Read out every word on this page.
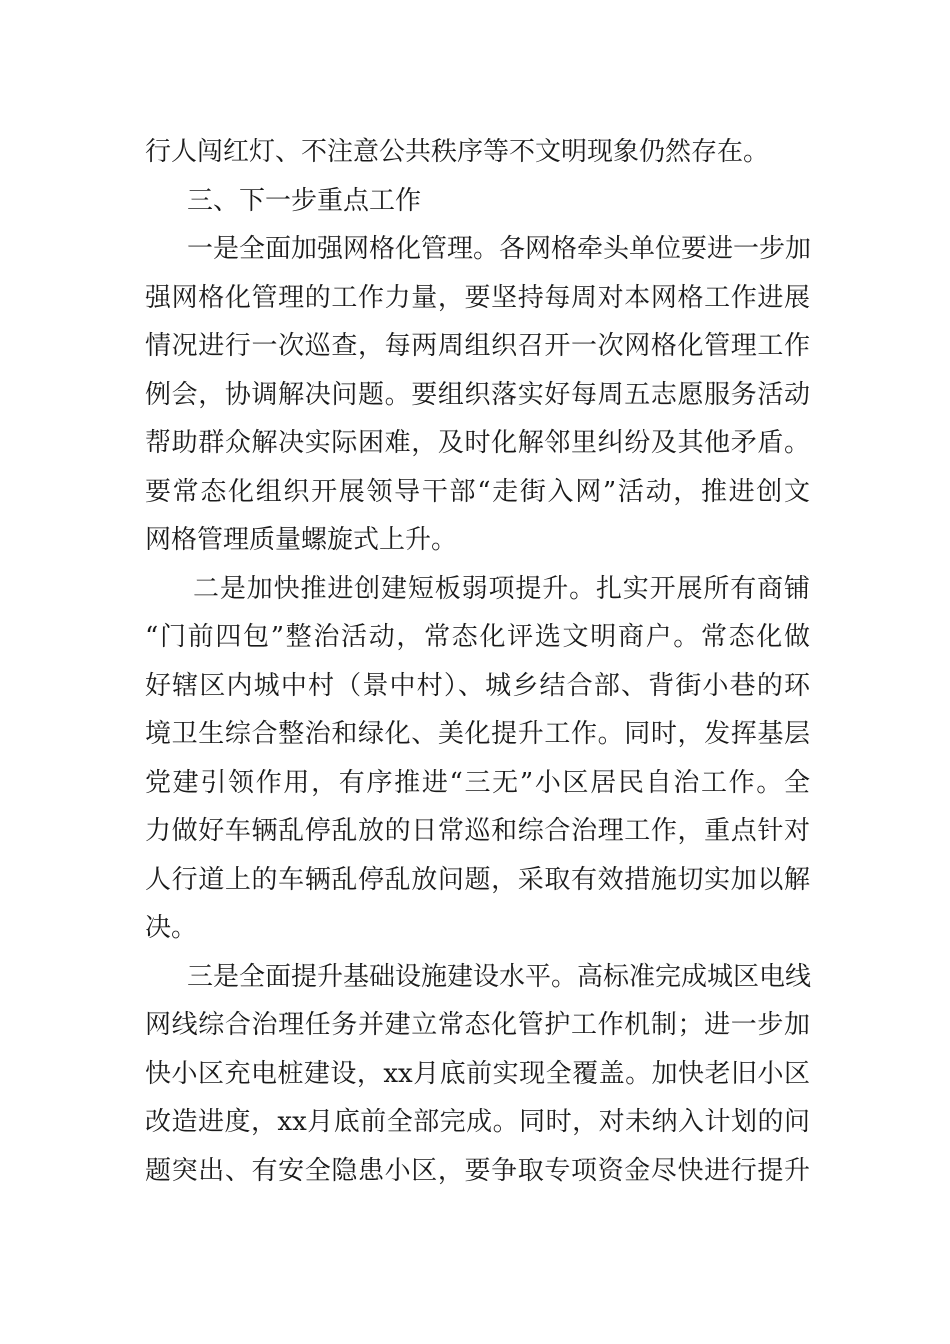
行人闯红灯、不注意公共秩序等不文明现象仍然存在。
三、下一步重点工作
一是全面加强网格化管理。各网格牵头单位要进一步加
强网格化管理的工作力量，要坚持每周对本网格工作进展
情况进行一次巡查，每两周组织召开一次网格化管理工作
例会，协调解决问题。要组织落实好每周五志愿服务活动
帮助群众解决实际困难，及时化解邻里纠纷及其他矛盾。
要常态化组织开展领导干部“走街入网”活动，推进创文
网格管理质量螺旋式上升。
二是加快推进创建短板弱项提升。扎实开展所有商铺
“门前四包”整治活动，常态化评选文明商户。常态化做
好辖区内城中村（景中村）、城乡结合部、背街小巷的环
境卫生综合整治和绿化、美化提升工作。同时，发挥基层
党建引领作用，有序推进“三无”小区居民自治工作。全
力做好车辆乱停乱放的日常巡和综合治理工作，重点针对
人行道上的车辆乱停乱放问题，采取有效措施切实加以解
决。
三是全面提升基础设施建设水平。高标准完成城区电线
网线综合治理任务并建立常态化管护工作机制；进一步加
快小区充电桩建设，xx月底前实现全覆盖。加快老旧小区
改造进度，xx月底前全部完成。同时，对未纳入计划的问
题突出、有安全隐患小区，要争取专项资金尽快进行提升
